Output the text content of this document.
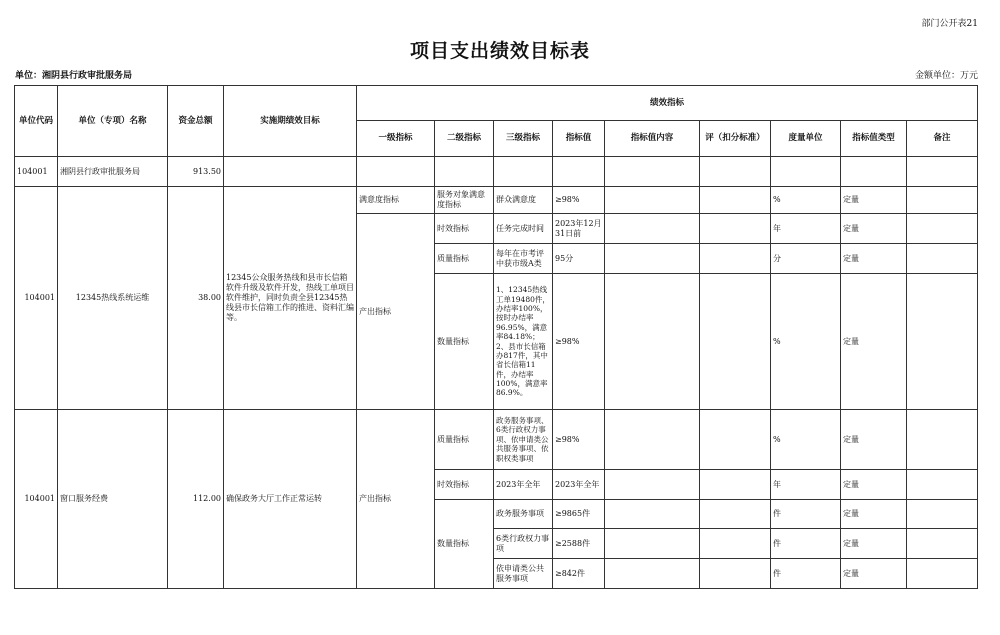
部门公开表21
项目支出绩效目标表
单位：湘阴县行政审批服务局	金额单位：万元
单位代码	单位（专项）名称	资金总额	实施期绩效目标	绩效指标								
				一级指标	二级指标	三级指标	指标值	指标值内容	评（扣分标准）	度量单位	指标值类型	备注
104001	湘阴县行政审批服务局	913.50										
104001	12345热线系统运维	38.00	12345公众服务热线和县市长信箱软件升级及软件开发，热线工单项目软件维护，同时负责全县12345热线县市长信箱工作的推进、资料汇编等。	满意度指标	服务对象满意度指标	群众满意度	≥98%			%	定量	
				产出指标	时效指标	任务完成时间	2023年12月31日前			年	定量	
					质量指标	每年在市考评中获市级A类	95分			分	定量	
					数量指标	1、12345热线工单19480件，办结率100%，按时办结率96.95%，满意率84.18%；2、县市长信箱办817件，其中省长信箱11件，办结率100%，满意率86.9%。	≥98%			%	定量	
104001	窗口服务经费	112.00	确保政务大厅工作正常运转	产出指标	质量指标	政务服务事项、6类行政权力事项、依申请类公共服务事项、依职权类事项	≥98%			%	定量	
					时效指标	2023年全年	2023年全年			年	定量	
					数量指标	政务服务事项	≥9865件			件	定量	
						6类行政权力事项	≥2588件			件	定量	
						依申请类公共服务事项	≥842件			件	定量	
